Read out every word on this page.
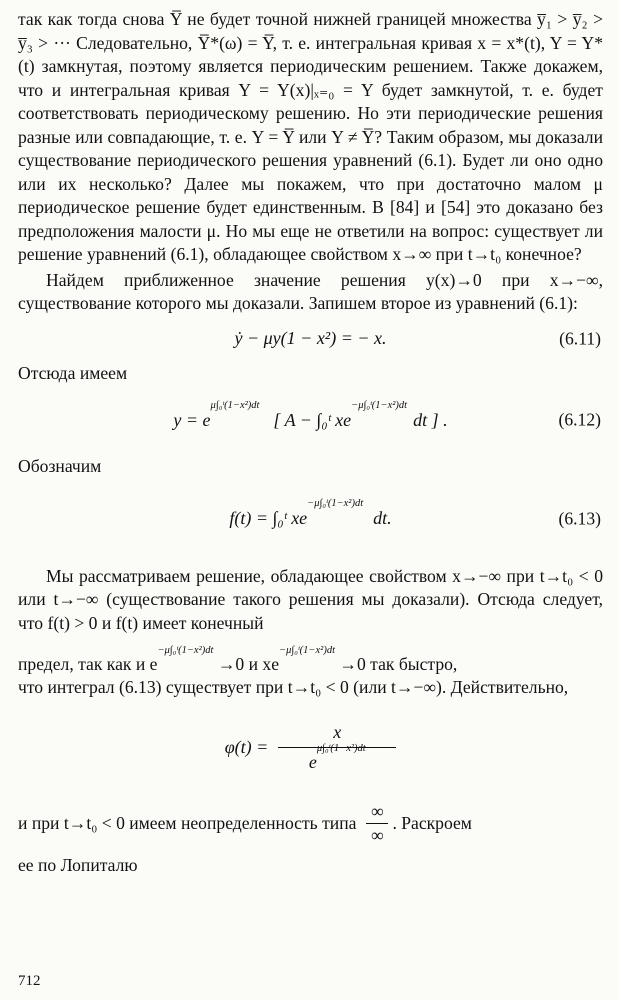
так как тогда снова Y̅ не будет точной нижней границей множества y̅₁ > y̅₂ > y̅₃ > ··· Следовательно, Y̅*(ω) = Y̅, т. е. интегральная кривая x = x*(t), Y = Y*(t) замкнутая, поэтому является периодическим решением. Также докажем, что и интегральная кривая Y = Y(x)|ₓ₌₀ = Y будет замкнутой, т. е. будет соответствовать периодическому решению. Но эти периодические решения разные или совпадающие, т. е. Y = Y̅ или Y ≠ Y̅? Таким образом, мы доказали существование периодического решения уравнений (6.1). Будет ли оно одно или их несколько? Далее мы покажем, что при достаточно малом μ периодическое решение будет единственным. В [84] и [54] это доказано без предположения малости μ. Но мы еще не ответили на вопрос: существует ли решение уравнений (6.1), обладающее свойством x→∞ при t→t₀ конечное?

Найдем приближенное значение решения y(x)→0 при x→−∞, существование которого мы доказали. Запишем второе из уравнений (6.1):

ẏ − μy(1 − x²) = − x.	(6.11)

Отсюда имеем

y = e
$^{\mu\int_0ᵗ(1-x^2)dt}$
[ A − ∫₀ᵗ xe
$^{-\mu\int_0ᵗ(1-x^2)dt}$
dt ] .	(6.12)

Обозначим

f(t) = ∫₀ᵗ xe
$^{-\mu\int_0ᵗ(1-x^2)dt}$
dt.	(6.13)

Мы рассматриваем решение, обладающее свойством x→−∞ при t→t₀ < 0 или t→−∞ (существование такого решения мы доказали). Отсюда следует, что f(t) > 0 и f(t) имеет конечный

предел, так как и $e^{-\mu\int_0ᵗ(1-x^2)dt} \to 0$ и $xe^{-\mu\int_0ᵗ(1-x^2)dt} \to 0$ так быстро,

что интеграл (6.13) существует при t→t₀ < 0 (или t→−∞). Действительно,

$\varphi(t) = \frac{x}{e^{\mu\int_0ᵗ(1-x^2)dt}}$

и при t→t₀ < 0 имеем неопределенность типа $\frac{\infty}{\infty}$ . Раскроем

ее по Лопиталю

712
